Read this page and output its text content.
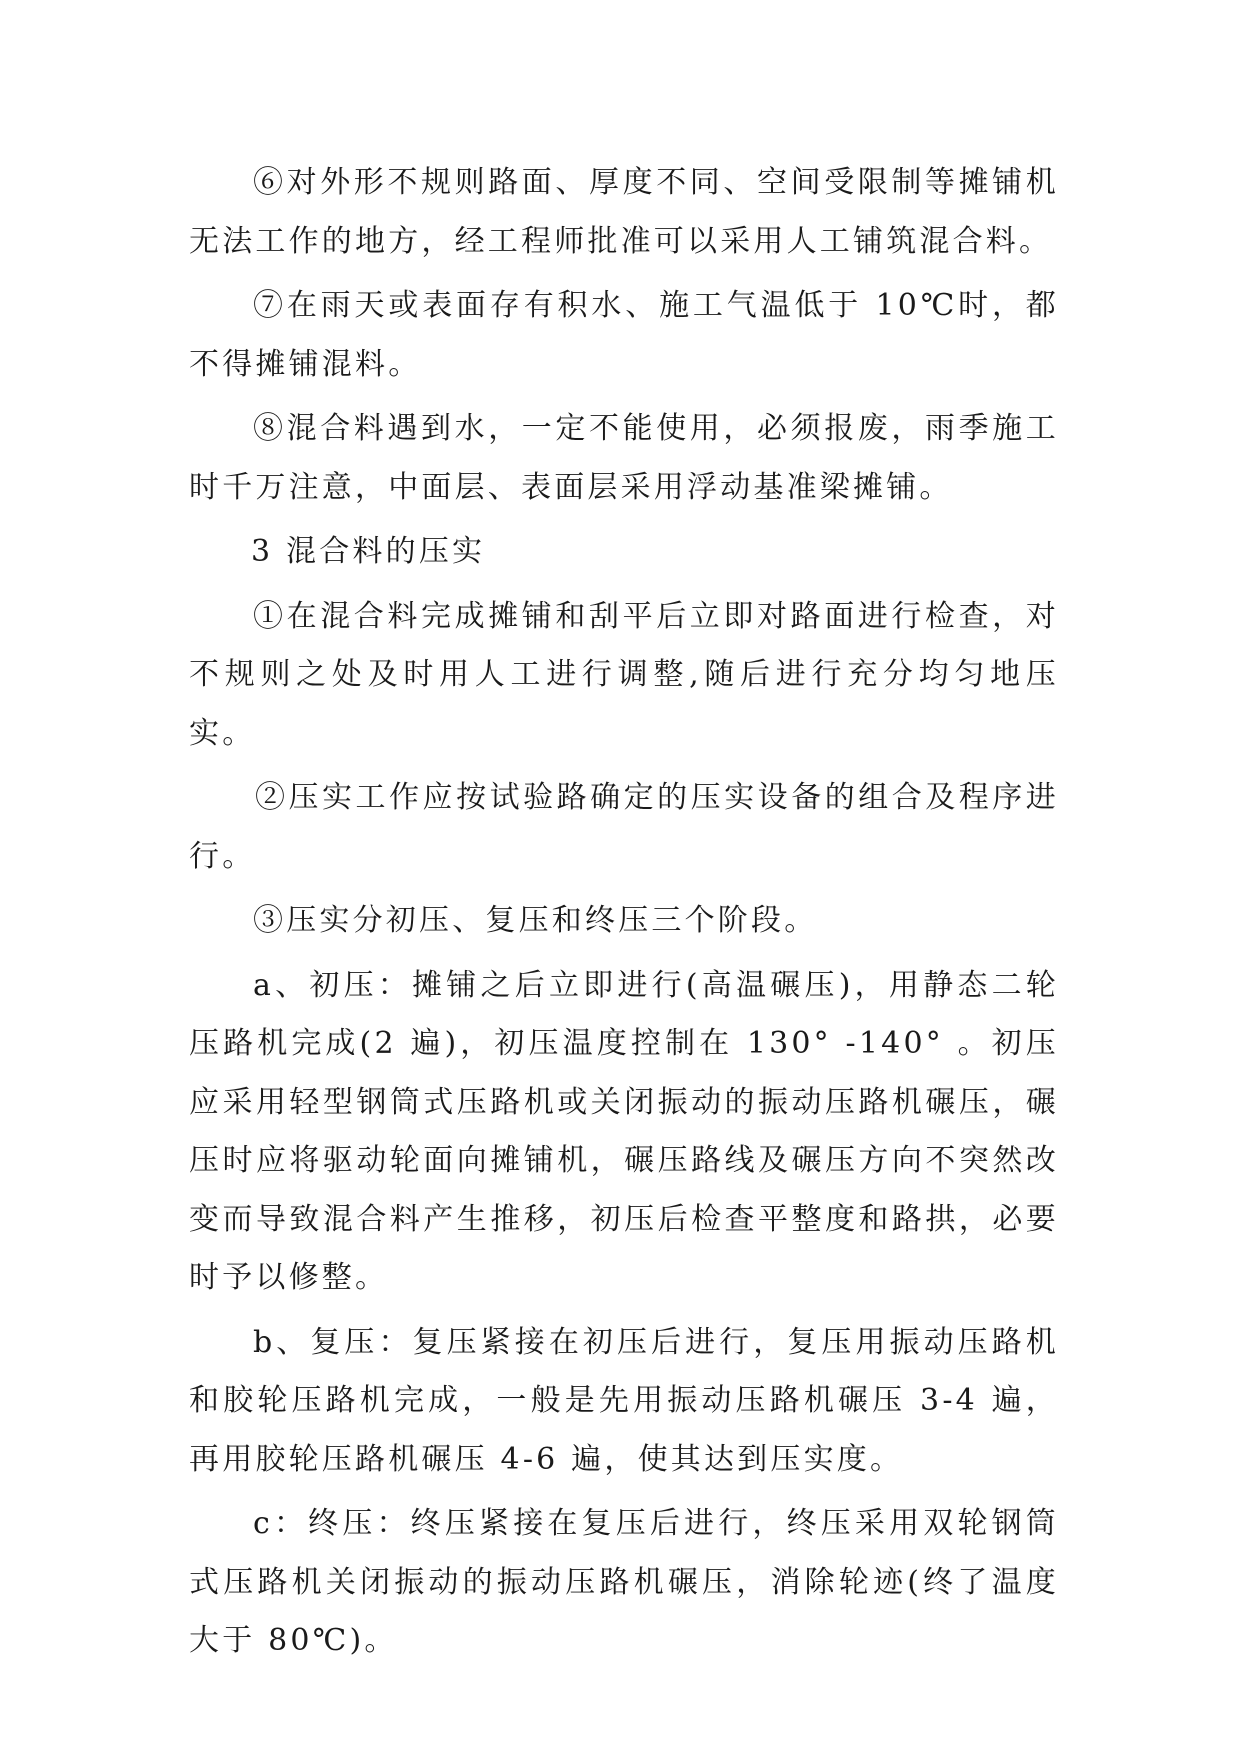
⑥对外形不规则路面、厚度不同、空间受限制等摊铺机无法工作的地方，经工程师批准可以采用人工铺筑混合料。

⑦在雨天或表面存有积水、施工气温低于 10℃时，都不得摊铺混料。

⑧混合料遇到水，一定不能使用，必须报废，雨季施工时千万注意，中面层、表面层采用浮动基准梁摊铺。

3 混合料的压实

①在混合料完成摊铺和刮平后立即对路面进行检查，对不规则之处及时用人工进行调整,随后进行充分均匀地压实。

②压实工作应按试验路确定的压实设备的组合及程序进行。

③压实分初压、复压和终压三个阶段。

a、初压：摊铺之后立即进行(高温碾压)，用静态二轮压路机完成(2 遍)，初压温度控制在 130° -140° 。初压应采用轻型钢筒式压路机或关闭振动的振动压路机碾压，碾压时应将驱动轮面向摊铺机，碾压路线及碾压方向不突然改变而导致混合料产生推移，初压后检查平整度和路拱，必要时予以修整。

b、复压：复压紧接在初压后进行，复压用振动压路机和胶轮压路机完成，一般是先用振动压路机碾压 3-4 遍，再用胶轮压路机碾压 4-6 遍，使其达到压实度。

c：终压：终压紧接在复压后进行，终压采用双轮钢筒式压路机关闭振动的振动压路机碾压，消除轮迹(终了温度大于 80℃)。
